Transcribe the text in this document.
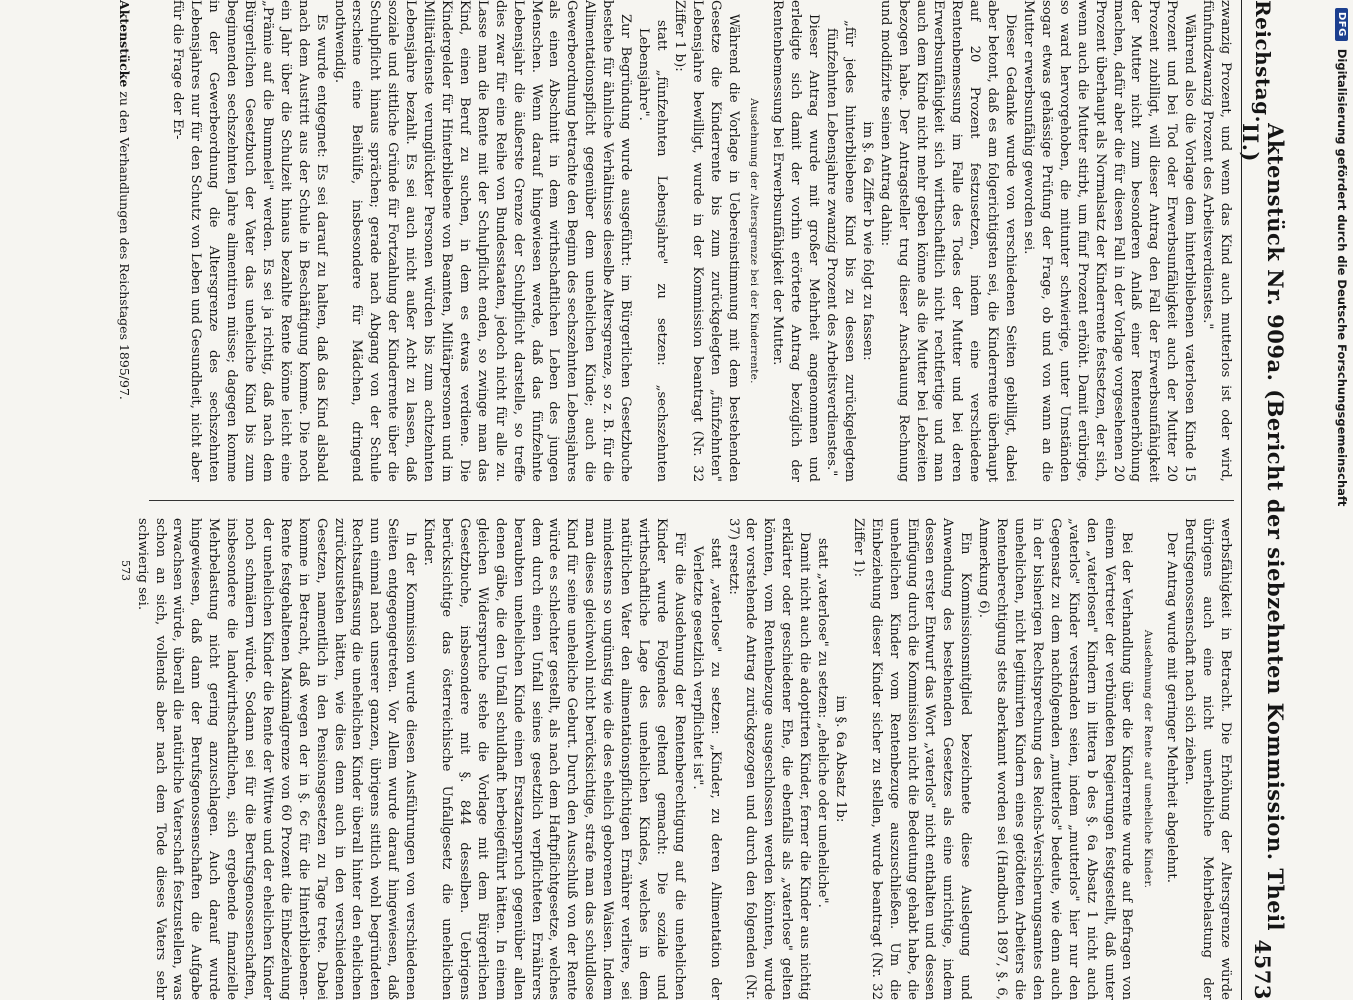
Reichstag.
Aktenstück Nr. 909a. (Bericht der siebzehnten Kommission. Theil II.)
4573

zwanzig Prozent, und wenn das Kind auch mutterlos ist oder wird, fünfundzwanzig Prozent des Arbeitsverdienstes."

Während also die Vorlage dem hinterbliebenen vaterlosen Kinde 15 Prozent und bei Tod oder Erwerbsunfähigkeit auch der Mutter 20 Prozent zubilligt, will dieser Antrag den Fall der Erwerbsunfähigkeit der Mutter nicht zum besonderen Anlaß einer Rentenerhöhung machen, dafür aber die für diesen Fall in der Vorlage vorgesehenen 20 Prozent überhaupt als Normalsatz der Kinderrente festsetzen, der sich, wenn auch die Mutter stirbt, um fünf Prozent erhöht. Damit erübrige, so ward hervorgehoben, die mitunter schwierige, unter Umständen sogar etwas gehässige Prüfung der Frage, ob und von wann an die Mutter erwerbsunfähig geworden sei.

Dieser Gedanke wurde von verschiedenen Seiten gebilligt, dabei aber betont, daß es am folgerichtigsten sei, die Kinderrente überhaupt auf 20 Prozent festzusetzen, indem eine verschiedene Rentenbemessung im Falle des Todes der Mutter und bei deren Erwerbsunfähigkeit sich wirthschaftlich nicht rechtfertige und man auch dem Kinde nicht mehr geben könne als die Mutter bei Lebzeiten bezogen habe. Der Antragsteller trug dieser Anschauung Rechnung und modifizirte seinen Antrag dahin:

im §. 6a Ziffer b wie folgt zu fassen:

„für jedes hinterbliebene Kind bis zu dessen zurückgelegtem fünfzehnten Lebensjahre zwanzig Prozent des Arbeitsverdienstes."

Dieser Antrag wurde mit großer Mehrheit angenommen und erledigte sich damit der vorhin erörterte Antrag bezüglich der Rentenbemessung bei Erwerbsunfähigkeit der Mutter.

Ausdehnung der Altersgrenze bei der Kinderrente.

Während die Vorlage in Uebereinstimmung mit dem bestehenden Gesetze die Kinderrente bis zum zurückgelegten „fünfzehnten" Lebensjahre bewilligt, wurde in der Kommission beantragt (Nr. 32 Ziffer 1 b):

statt „fünfzehnten Lebensjahre" zu setzen: „sechszehnten Lebensjahre".

Zur Begründung wurde ausgeführt: im Bürgerlichen Gesetzbuche bestehe für ähnliche Verhältnisse dieselbe Altersgrenze, so z. B. für die Alimentationspflicht gegenüber dem unehelichen Kinde; auch die Gewerbeordnung betrachte den Beginn des sechszehnten Lebensjahres als einen Abschnitt in dem wirthschaftlichen Leben des jungen Menschen. Wenn darauf hingewiesen werde, daß das fünfzehnte Lebensjahr die äußerste Grenze der Schulpflicht darstelle, so treffe dies zwar für eine Reihe von Bundesstaaten, jedoch nicht für alle zu. Lasse man die Rente mit der Schulpflicht enden, so zwinge man das Kind, einen Beruf zu suchen, in dem es etwas verdiene. Die Kindergelder für Hinterbliebene von Beamten, Militärpersonen und im Militärdienste verunglückter Personen würden bis zum achtzehnten Lebensjahre bezahlt. Es sei auch nicht außer Acht zu lassen, daß soziale und sittliche Gründe für Fortzahlung der Kinderrente über die Schulpflicht hinaus sprächen; gerade nach Abgang von der Schule erscheine eine Beihülfe, insbesondere für Mädchen, dringend nothwendig.

Es wurde entgegnet: Es sei darauf zu halten, daß das Kind alsbald nach dem Austritt aus der Schule in Beschäftigung komme. Die noch ein Jahr über die Schulzeit hinaus bezahlte Rente könne leicht eine „Prämie auf die Bummelei" werden. Es sei ja richtig, daß nach dem Bürgerlichen Gesetzbuch der Vater das uneheliche Kind bis zum beginnenden sechszehnten Jahre alimentiren müsse; dagegen komme in der Gewerbeordnung die Altersgrenze des sechszehnten Lebensjahres nur für den Schutz von Leben und Gesundheit, nicht aber für die Frage der Er-

werbsfähigkeit in Betracht. Die Erhöhung der Altersgrenze würde übrigens auch eine nicht unerhebliche Mehrbelastung der Berufsgenossenschaft nach sich ziehen.

Der Antrag wurde mit geringer Mehrheit abgelehnt.

Ausdehnung der Rente auf uneheliche Kinder.

Bei der Verhandlung über die Kinderrente wurde auf Befragen von einem Vertreter der verbündeten Regierungen festgestellt, daß unter den „vaterlosen" Kindern in littera b des §. 6a Absatz 1 nicht auch „vaterlos" Kinder verstanden seien, indem „mutterlos" hier nur den Gegensatz zu dem nachfolgenden „mutterlos" bedeute, wie denn auch in der bisherigen Rechtsprechung des Reichs-Versicherungsamtes den unehelichen, nicht legitimirten Kindern eines getödteten Arbeiters die Rentenberechtigung stets aberkannt worden sei (Handbuch 1897, §. 6, Anmerkung 6).

Ein Kommissionsmitglied bezeichnete diese Auslegung und Anwendung des bestehenden Gesetzes als eine unrichtige, indem dessen erster Entwurf das Wort „vaterlos" nicht enthalten und dessen Einfügung durch die Kommission nicht die Bedeutung gehabt habe, die unehelichen Kinder vom Rentenbezuge auszuschließen. Um die Einbeziehung dieser Kinder sicher zu stellen, wurde beantragt (Nr. 32 Ziffer 1):

im §. 6a Absatz 1b:

statt „vaterlose" zu setzen: „eheliche oder uneheliche".

Damit nicht auch die adoptirten Kinder, ferner die Kinder aus nichtig erklärter oder geschiedener Ehe, die ebenfalls als „vaterlose" gelten könnten, vom Rentenbezuge ausgeschlossen werden könnten, wurde der vorstehende Antrag zurückgezogen und durch den folgenden (Nr. 37) ersetzt:

statt „vaterlose" zu setzen: „Kinder, zu deren Alimentation der Verletzte gesetzlich verpflichtet ist".

Für die Ausdehnung der Rentenberechtigung auf die unehelichen Kinder wurde Folgendes geltend gemacht: Die soziale und wirthschaftliche Lage des unehelichen Kindes, welches in dem natürlichen Vater den alimentationspflichtigen Ernährer verliere, sei mindestens so ungünstig wie die des ehelich geborenen Waisen. Indem man dieses gleichwohl nicht berücksichtige, strafe man das schuldlose Kind für seine uneheliche Geburt. Durch den Ausschluß von der Rente würde es schlechter gestellt, als nach dem Haftpflichtgesetze, welches dem durch einen Unfall seines gesetzlich verpflichteten Ernährers beraubten unehelichen Kinde einen Ersatzanspruch gegenüber allen denen gäbe, die den Unfall schuldhaft herbeigeführt hätten. In einem gleichen Widerspruche stehe die Vorlage mit dem Bürgerlichen Gesetzbuche, insbesondere mit §. 844 desselben. Uebrigens berücksichtige das österreichische Unfallgesetz die unehelichen Kinder.

In der Kommission wurde diesen Ausführungen von verschiedenen Seiten entgegengetreten. Vor Allem wurde darauf hingewiesen, daß nun einmal nach unserer ganzen, übrigens sittlich wohl begründeten Rechtsauffassung die unehelichen Kinder überall hinter den ehelichen zurückzustehen hätten, wie dies denn auch in den verschiedenen Gesetzen, namentlich in den Pensionsgesetzen zu Tage trete. Dabei komme in Betracht, daß wegen der in §. 6c für die Hinterbliebenen-Rente festgehaltenen Maximalgrenze von 60 Prozent die Einbeziehung der unehelichen Kinder die Rente der Wittwe und der ehelichen Kinder noch schmälern würde. Sodann sei für die Berufsgenossenschaften, insbesondere die landwirthschaftlichen, sich ergebende finanzielle Mehrbelastung nicht gering anzuschlagen. Auch darauf wurde hingewiesen, daß dann der Berufsgenossenschaften die Aufgabe erwachsen würde, überall die natürliche Vaterschaft festzustellen, was schon an sich, vollends aber nach dem Tode dieses Vaters sehr schwierig sei.

Aktenstücke zu den Verhandlungen des Reichstages 1895/97.
573
DFG
Digitalisierung gefördert durch die Deutsche Forschungsgemeinschaft
